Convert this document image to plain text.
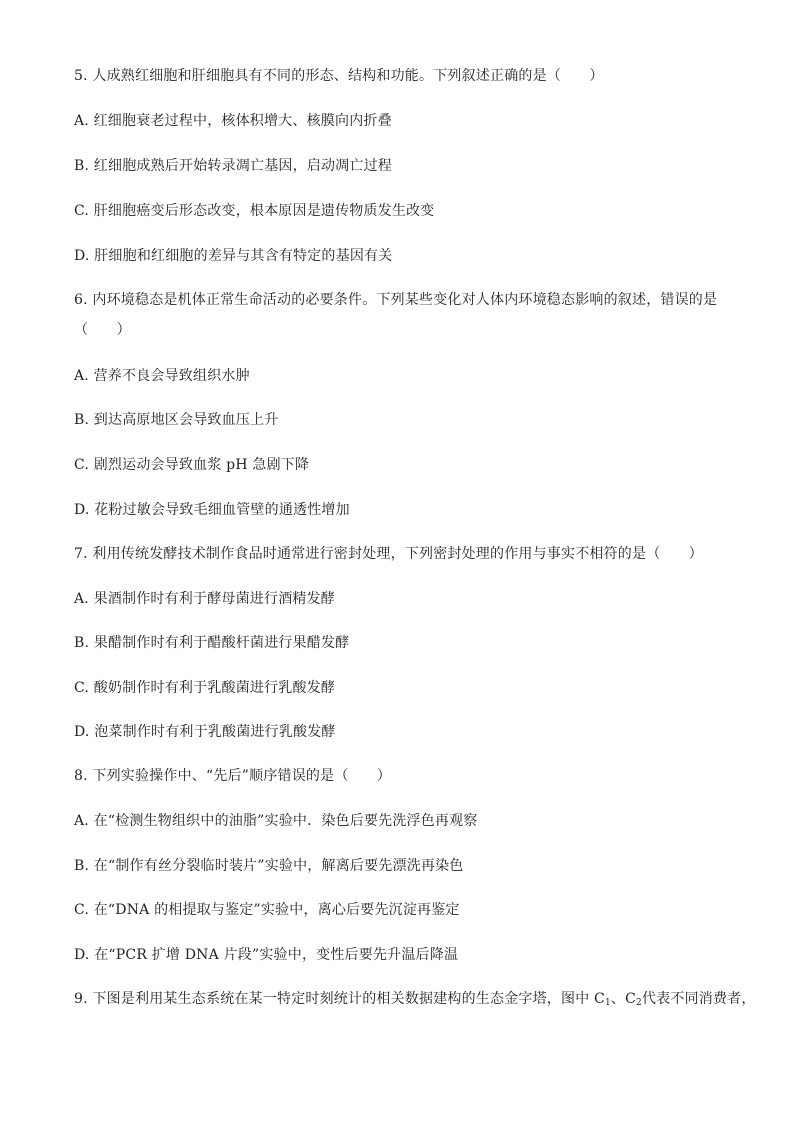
5. 人成熟红细胞和肝细胞具有不同的形态、结构和功能。下列叙述正确的是（　　）
A. 红细胞衰老过程中，核体积增大、核膜向内折叠
B. 红细胞成熟后开始转录凋亡基因，启动凋亡过程
C. 肝细胞癌变后形态改变，根本原因是遗传物质发生改变
D. 肝细胞和红细胞的差异与其含有特定的基因有关
6. 内环境稳态是机体正常生命活动的必要条件。下列某些变化对人体内环境稳态影响的叙述，错误的是
（　　）
A. 营养不良会导致组织水肿
B. 到达高原地区会导致血压上升
C. 剧烈运动会导致血浆 pH 急剧下降
D. 花粉过敏会导致毛细血管壁的通透性增加
7. 利用传统发酵技术制作食品时通常进行密封处理，下列密封处理的作用与事实不相符的是（　　）
A. 果酒制作时有利于酵母菌进行酒精发酵
B. 果醋制作时有利于醋酸杆菌进行果醋发酵
C. 酸奶制作时有利于乳酸菌进行乳酸发酵
D. 泡菜制作时有利于乳酸菌进行乳酸发酵
8. 下列实验操作中、“先后”顺序错误的是（　　）
A. 在“检测生物组织中的油脂”实验中．染色后要先洗浮色再观察
B. 在“制作有丝分裂临时装片”实验中，解离后要先漂洗再染色
C. 在“DNA 的相提取与鉴定”实验中，离心后要先沉淀再鉴定
D. 在“PCR 扩增 DNA 片段”实验中，变性后要先升温后降温
9. 下图是利用某生态系统在某一特定时刻统计的相关数据建构的生态金字塔，图中 $C_1$、$C_2$代表不同消费者，
